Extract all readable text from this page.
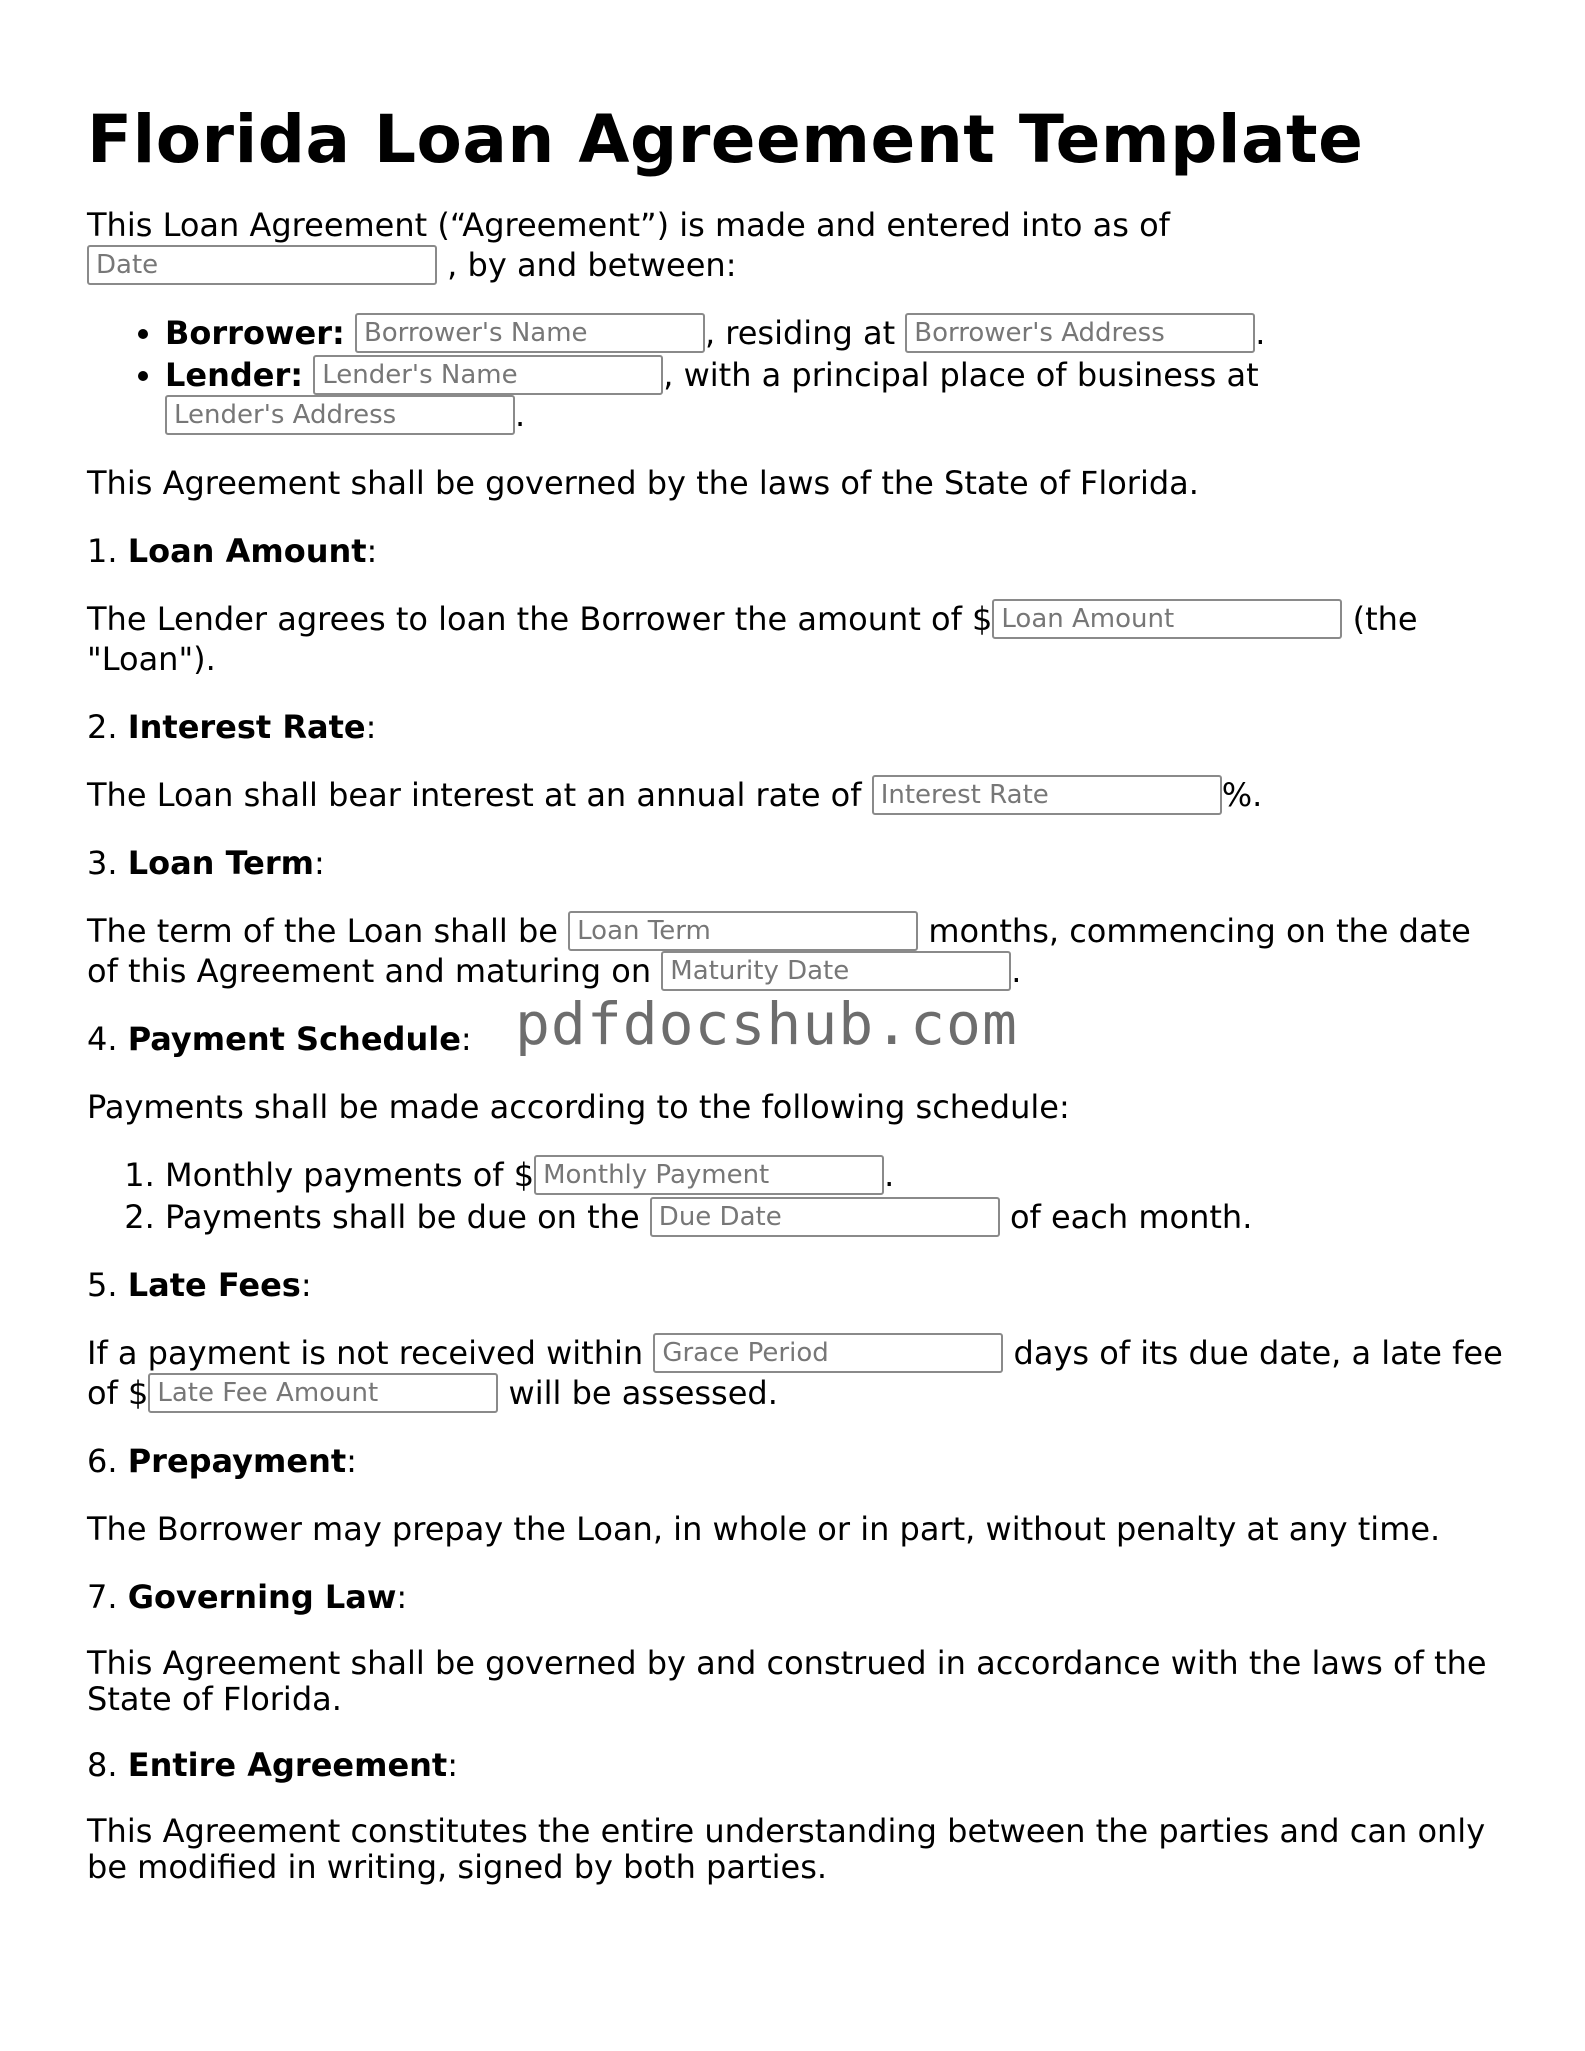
Florida Loan Agreement Template

This Loan Agreement (“Agreement”) is made and entered into as of Date , by and between:

• Borrower: Borrower's Name	, residing at Borrower's Address	.
• Lender: Lender's Name	, with a principal place of business at Lender's Address.

This Agreement shall be governed by the laws of the State of Florida.

1. Loan Amount:

The Lender agrees to loan the Borrower the amount of $Loan Amount	(the "Loan").

2. Interest Rate:

The Loan shall bear interest at an annual rate of Interest Rate	%.

3. Loan Term:

The term of the Loan shall be Loan Term	months, commencing on the date of this Agreement and maturing on Maturity Date	.

4. Payment Schedule:

Payments shall be made according to the following schedule:

1. Monthly payments of $Monthly Payment	.
2. Payments shall be due on the Due Date	of each month.

5. Late Fees:

If a payment is not received within Grace Period	days of its due date, a late fee of $Late Fee Amount	will be assessed.

6. Prepayment:

The Borrower may prepay the Loan, in whole or in part, without penalty at any time.

7. Governing Law:

This Agreement shall be governed by and construed in accordance with the laws of the State of Florida.

8. Entire Agreement:

This Agreement constitutes the entire understanding between the parties and can only be modified in writing, signed by both parties.

pdfdocshub.com
